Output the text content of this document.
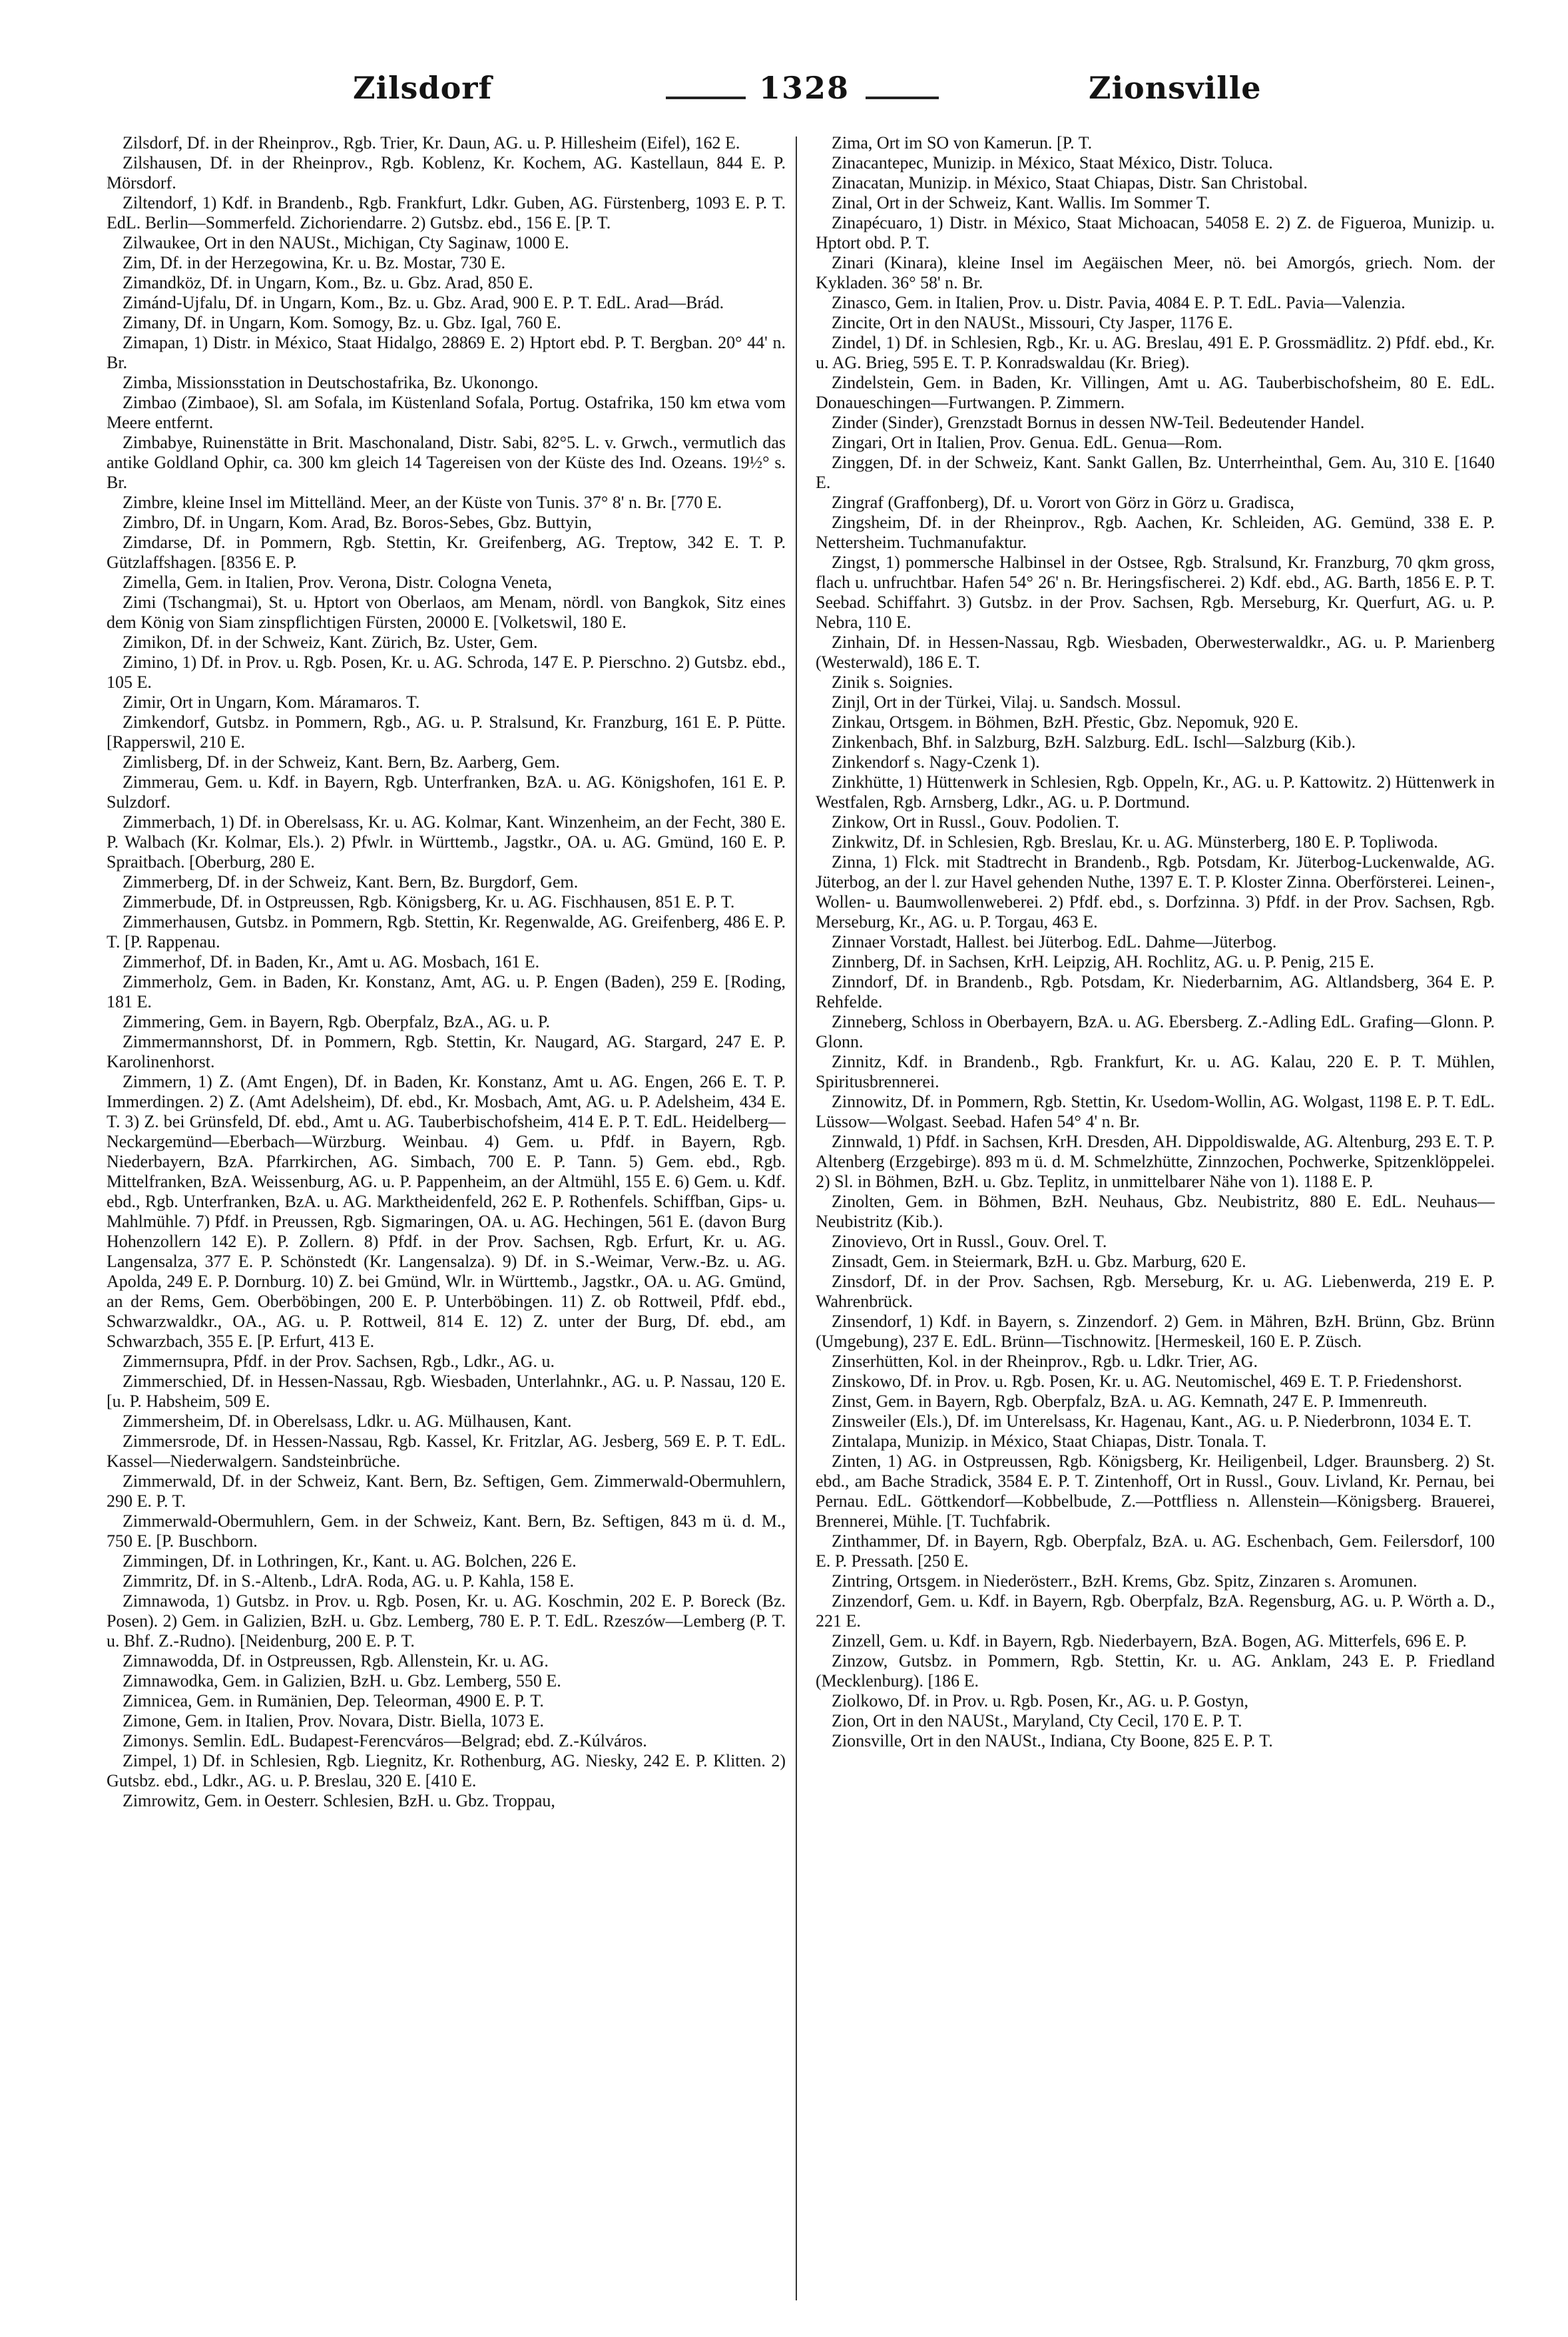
Zilsdorf	1328	Zionsville

Zilsdorf, Df. in der Rheinprov., Rgb. Trier, Kr. Daun, AG. u. P. Hillesheim (Eifel), 162 E.

Zilshausen, Df. in der Rheinprov., Rgb. Koblenz, Kr. Kochem, AG. Kastellaun, 844 E. P. Mörsdorf.

Ziltendorf, 1) Kdf. in Brandenb., Rgb. Frankfurt, Ldkr. Guben, AG. Fürstenberg, 1093 E. P. T. EdL. Berlin—Sommerfeld. Zichoriendarre. 2) Gutsbz. ebd., 156 E. [P. T.

Zilwaukee, Ort in den NAUSt., Michigan, Cty Saginaw, 1000 E.

Zim, Df. in der Herzegowina, Kr. u. Bz. Mostar, 730 E.

Zimandköz, Df. in Ungarn, Kom., Bz. u. Gbz. Arad, 850 E.

Zimánd-Ujfalu, Df. in Ungarn, Kom., Bz. u. Gbz. Arad, 900 E. P. T. EdL. Arad—Brád.

Zimany, Df. in Ungarn, Kom. Somogy, Bz. u. Gbz. Igal, 760 E.

Zimapan, 1) Distr. in México, Staat Hidalgo, 28869 E. 2) Hptort ebd. P. T. Bergban. 20° 44' n. Br.

Zimba, Missionsstation in Deutschostafrika, Bz. Ukonongo.

Zimbao (Zimbaoe), Sl. am Sofala, im Küstenland Sofala, Portug. Ostafrika, 150 km etwa vom Meere entfernt.

Zimbabye, Ruinenstätte in Brit. Maschonaland, Distr. Sabi, 82°5. L. v. Grwch., vermutlich das antike Goldland Ophir, ca. 300 km gleich 14 Tagereisen von der Küste des Ind. Ozeans. 19½° s. Br.

Zimbre, kleine Insel im Mittelländ. Meer, an der Küste von Tunis. 37° 8' n. Br. [770 E.

Zimbro, Df. in Ungarn, Kom. Arad, Bz. Boros-Sebes, Gbz. Buttyin,

Zimdarse, Df. in Pommern, Rgb. Stettin, Kr. Greifenberg, AG. Treptow, 342 E. T. P. Gützlaffshagen. [8356 E. P.

Zimella, Gem. in Italien, Prov. Verona, Distr. Cologna Veneta,

Zimi (Tschangmai), St. u. Hptort von Oberlaos, am Menam, nördl. von Bangkok, Sitz eines dem König von Siam zinspflichtigen Fürsten, 20000 E. [Volketswil, 180 E.

Zimikon, Df. in der Schweiz, Kant. Zürich, Bz. Uster, Gem.

Zimino, 1) Df. in Prov. u. Rgb. Posen, Kr. u. AG. Schroda, 147 E. P. Pierschno. 2) Gutsbz. ebd., 105 E.

Zimir, Ort in Ungarn, Kom. Máramaros. T.

Zimkendorf, Gutsbz. in Pommern, Rgb., AG. u. P. Stralsund, Kr. Franzburg, 161 E. P. Pütte. [Rapperswil, 210 E.

Zimlisberg, Df. in der Schweiz, Kant. Bern, Bz. Aarberg, Gem.

Zimmerau, Gem. u. Kdf. in Bayern, Rgb. Unterfranken, BzA. u. AG. Königshofen, 161 E. P. Sulzdorf.

Zimmerbach, 1) Df. in Oberelsass, Kr. u. AG. Kolmar, Kant. Winzenheim, an der Fecht, 380 E. P. Walbach (Kr. Kolmar, Els.). 2) Pfwlr. in Württemb., Jagstkr., OA. u. AG. Gmünd, 160 E. P. Spraitbach. [Oberburg, 280 E.

Zimmerberg, Df. in der Schweiz, Kant. Bern, Bz. Burgdorf, Gem.

Zimmerbude, Df. in Ostpreussen, Rgb. Königsberg, Kr. u. AG. Fischhausen, 851 E. P. T.

Zimmerhausen, Gutsbz. in Pommern, Rgb. Stettin, Kr. Regenwalde, AG. Greifenberg, 486 E. P. T. [P. Rappenau.

Zimmerhof, Df. in Baden, Kr., Amt u. AG. Mosbach, 161 E.

Zimmerholz, Gem. in Baden, Kr. Konstanz, Amt, AG. u. P. Engen (Baden), 259 E. [Roding, 181 E.

Zimmering, Gem. in Bayern, Rgb. Oberpfalz, BzA., AG. u. P.

Zimmermannshorst, Df. in Pommern, Rgb. Stettin, Kr. Naugard, AG. Stargard, 247 E. P. Karolinenhorst.

Zimmern, 1) Z. (Amt Engen), Df. in Baden, Kr. Konstanz, Amt u. AG. Engen, 266 E. T. P. Immerdingen. 2) Z. (Amt Adelsheim), Df. ebd., Kr. Mosbach, Amt, AG. u. P. Adelsheim, 434 E. T. 3) Z. bei Grünsfeld, Df. ebd., Amt u. AG. Tauberbischofsheim, 414 E. P. T. EdL. Heidelberg—Neckargemünd—Eberbach—Würzburg. Weinbau. 4) Gem. u. Pfdf. in Bayern, Rgb. Niederbayern, BzA. Pfarrkirchen, AG. Simbach, 700 E. P. Tann. 5) Gem. ebd., Rgb. Mittelfranken, BzA. Weissenburg, AG. u. P. Pappenheim, an der Altmühl, 155 E. 6) Gem. u. Kdf. ebd., Rgb. Unterfranken, BzA. u. AG. Marktheidenfeld, 262 E. P. Rothenfels. Schiffban, Gips- u. Mahlmühle. 7) Pfdf. in Preussen, Rgb. Sigmaringen, OA. u. AG. Hechingen, 561 E. (davon Burg Hohenzollern 142 E). P. Zollern. 8) Pfdf. in der Prov. Sachsen, Rgb. Erfurt, Kr. u. AG. Langensalza, 377 E. P. Schönstedt (Kr. Langensalza). 9) Df. in S.-Weimar, Verw.-Bz. u. AG. Apolda, 249 E. P. Dornburg. 10) Z. bei Gmünd, Wlr. in Württemb., Jagstkr., OA. u. AG. Gmünd, an der Rems, Gem. Oberböbingen, 200 E. P. Unterböbingen. 11) Z. ob Rottweil, Pfdf. ebd., Schwarzwaldkr., OA., AG. u. P. Rottweil, 814 E. 12) Z. unter der Burg, Df. ebd., am Schwarzbach, 355 E. [P. Erfurt, 413 E.

Zimmernsupra, Pfdf. in der Prov. Sachsen, Rgb., Ldkr., AG. u.

Zimmerschied, Df. in Hessen-Nassau, Rgb. Wiesbaden, Unterlahnkr., AG. u. P. Nassau, 120 E. [u. P. Habsheim, 509 E.

Zimmersheim, Df. in Oberelsass, Ldkr. u. AG. Mülhausen, Kant.

Zimmersrode, Df. in Hessen-Nassau, Rgb. Kassel, Kr. Fritzlar, AG. Jesberg, 569 E. P. T. EdL. Kassel—Niederwalgern. Sandsteinbrüche.

Zimmerwald, Df. in der Schweiz, Kant. Bern, Bz. Seftigen, Gem. Zimmerwald-Obermuhlern, 290 E. P. T.

Zimmerwald-Obermuhlern, Gem. in der Schweiz, Kant. Bern, Bz. Seftigen, 843 m ü. d. M., 750 E. [P. Buschborn.

Zimmingen, Df. in Lothringen, Kr., Kant. u. AG. Bolchen, 226 E.

Zimmritz, Df. in S.-Altenb., LdrA. Roda, AG. u. P. Kahla, 158 E.

Zimnawoda, 1) Gutsbz. in Prov. u. Rgb. Posen, Kr. u. AG. Koschmin, 202 E. P. Boreck (Bz. Posen). 2) Gem. in Galizien, BzH. u. Gbz. Lemberg, 780 E. P. T. EdL. Rzeszów—Lemberg (P. T. u. Bhf. Z.-Rudno). [Neidenburg, 200 E. P. T.

Zimnawodda, Df. in Ostpreussen, Rgb. Allenstein, Kr. u. AG.

Zimnawodka, Gem. in Galizien, BzH. u. Gbz. Lemberg, 550 E.

Zimnicea, Gem. in Rumänien, Dep. Teleorman, 4900 E. P. T.

Zimone, Gem. in Italien, Prov. Novara, Distr. Biella, 1073 E.

Zimonys. Semlin. EdL. Budapest-Ferencváros—Belgrad; ebd. Z.-Kúlváros.

Zimpel, 1) Df. in Schlesien, Rgb. Liegnitz, Kr. Rothenburg, AG. Niesky, 242 E. P. Klitten. 2) Gutsbz. ebd., Ldkr., AG. u. P. Breslau, 320 E. [410 E.

Zimrowitz, Gem. in Oesterr. Schlesien, BzH. u. Gbz. Troppau,

Zima, Ort im SO von Kamerun. [P. T.

Zinacantepec, Munizip. in México, Staat México, Distr. Toluca.

Zinacatan, Munizip. in México, Staat Chiapas, Distr. San Christobal.

Zinal, Ort in der Schweiz, Kant. Wallis. Im Sommer T.

Zinapécuaro, 1) Distr. in México, Staat Michoacan, 54058 E. 2) Z. de Figueroa, Munizip. u. Hptort obd. P. T.

Zinari (Kinara), kleine Insel im Aegäischen Meer, nö. bei Amorgós, griech. Nom. der Kykladen. 36° 58' n. Br.

Zinasco, Gem. in Italien, Prov. u. Distr. Pavia, 4084 E. P. T. EdL. Pavia—Valenzia.

Zincite, Ort in den NAUSt., Missouri, Cty Jasper, 1176 E.

Zindel, 1) Df. in Schlesien, Rgb., Kr. u. AG. Breslau, 491 E. P. Grossmädlitz. 2) Pfdf. ebd., Kr. u. AG. Brieg, 595 E. T. P. Konradswaldau (Kr. Brieg).

Zindelstein, Gem. in Baden, Kr. Villingen, Amt u. AG. Tauberbischofsheim, 80 E. EdL. Donaueschingen—Furtwangen. P. Zimmern.

Zinder (Sinder), Grenzstadt Bornus in dessen NW-Teil. Bedeutender Handel.

Zingari, Ort in Italien, Prov. Genua. EdL. Genua—Rom.

Zinggen, Df. in der Schweiz, Kant. Sankt Gallen, Bz. Unterrheinthal, Gem. Au, 310 E. [1640 E.

Zingraf (Graffonberg), Df. u. Vorort von Görz in Görz u. Gradisca,

Zingsheim, Df. in der Rheinprov., Rgb. Aachen, Kr. Schleiden, AG. Gemünd, 338 E. P. Nettersheim. Tuchmanufaktur.

Zingst, 1) pommersche Halbinsel in der Ostsee, Rgb. Stralsund, Kr. Franzburg, 70 qkm gross, flach u. unfruchtbar. Hafen 54° 26' n. Br. Heringsfischerei. 2) Kdf. ebd., AG. Barth, 1856 E. P. T. Seebad. Schiffahrt. 3) Gutsbz. in der Prov. Sachsen, Rgb. Merseburg, Kr. Querfurt, AG. u. P. Nebra, 110 E.

Zinhain, Df. in Hessen-Nassau, Rgb. Wiesbaden, Oberwesterwaldkr., AG. u. P. Marienberg (Westerwald), 186 E. T.

Zinik s. Soignies.

Zinjl, Ort in der Türkei, Vilaj. u. Sandsch. Mossul.

Zinkau, Ortsgem. in Böhmen, BzH. Přestic, Gbz. Nepomuk, 920 E.

Zinkenbach, Bhf. in Salzburg, BzH. Salzburg. EdL. Ischl—Salzburg (Kib.).

Zinkendorf s. Nagy-Czenk 1).

Zinkhütte, 1) Hüttenwerk in Schlesien, Rgb. Oppeln, Kr., AG. u. P. Kattowitz. 2) Hüttenwerk in Westfalen, Rgb. Arnsberg, Ldkr., AG. u. P. Dortmund.

Zinkow, Ort in Russl., Gouv. Podolien. T.

Zinkwitz, Df. in Schlesien, Rgb. Breslau, Kr. u. AG. Münsterberg, 180 E. P. Topliwoda.

Zinna, 1) Flck. mit Stadtrecht in Brandenb., Rgb. Potsdam, Kr. Jüterbog-Luckenwalde, AG. Jüterbog, an der l. zur Havel gehenden Nuthe, 1397 E. T. P. Kloster Zinna. Oberförsterei. Leinen-, Wollen- u. Baumwollenweberei. 2) Pfdf. ebd., s. Dorfzinna. 3) Pfdf. in der Prov. Sachsen, Rgb. Merseburg, Kr., AG. u. P. Torgau, 463 E.

Zinnaer Vorstadt, Hallest. bei Jüterbog. EdL. Dahme—Jüterbog.

Zinnberg, Df. in Sachsen, KrH. Leipzig, AH. Rochlitz, AG. u. P. Penig, 215 E.

Zinndorf, Df. in Brandenb., Rgb. Potsdam, Kr. Niederbarnim, AG. Altlandsberg, 364 E. P. Rehfelde.

Zinneberg, Schloss in Oberbayern, BzA. u. AG. Ebersberg. Z.-Adling EdL. Grafing—Glonn. P. Glonn.

Zinnitz, Kdf. in Brandenb., Rgb. Frankfurt, Kr. u. AG. Kalau, 220 E. P. T. Mühlen, Spiritusbrennerei.

Zinnowitz, Df. in Pommern, Rgb. Stettin, Kr. Usedom-Wollin, AG. Wolgast, 1198 E. P. T. EdL. Lüssow—Wolgast. Seebad. Hafen 54° 4' n. Br.

Zinnwald, 1) Pfdf. in Sachsen, KrH. Dresden, AH. Dippoldiswalde, AG. Altenburg, 293 E. T. P. Altenberg (Erzgebirge). 893 m ü. d. M. Schmelzhütte, Zinnzochen, Pochwerke, Spitzenklöppelei. 2) Sl. in Böhmen, BzH. u. Gbz. Teplitz, in unmittelbarer Nähe von 1). 1188 E. P.

Zinolten, Gem. in Böhmen, BzH. Neuhaus, Gbz. Neubistritz, 880 E. EdL. Neuhaus—Neubistritz (Kib.).

Zinovievo, Ort in Russl., Gouv. Orel. T.

Zinsadt, Gem. in Steiermark, BzH. u. Gbz. Marburg, 620 E.

Zinsdorf, Df. in der Prov. Sachsen, Rgb. Merseburg, Kr. u. AG. Liebenwerda, 219 E. P. Wahrenbrück.

Zinsendorf, 1) Kdf. in Bayern, s. Zinzendorf. 2) Gem. in Mähren, BzH. Brünn, Gbz. Brünn (Umgebung), 237 E. EdL. Brünn—Tischnowitz. [Hermeskeil, 160 E. P. Züsch.

Zinserhütten, Kol. in der Rheinprov., Rgb. u. Ldkr. Trier, AG.

Zinskowo, Df. in Prov. u. Rgb. Posen, Kr. u. AG. Neutomischel, 469 E. T. P. Friedenshorst.

Zinst, Gem. in Bayern, Rgb. Oberpfalz, BzA. u. AG. Kemnath, 247 E. P. Immenreuth.

Zinsweiler (Els.), Df. im Unterelsass, Kr. Hagenau, Kant., AG. u. P. Niederbronn, 1034 E. T.

Zintalapa, Munizip. in México, Staat Chiapas, Distr. Tonala. T.

Zinten, 1) AG. in Ostpreussen, Rgb. Königsberg, Kr. Heiligenbeil, Ldger. Braunsberg. 2) St. ebd., am Bache Stradick, 3584 E. P. T. Zintenhoff, Ort in Russl., Gouv. Livland, Kr. Pernau, bei Pernau. EdL. Göttkendorf—Kobbelbude, Z.—Pottfliess n. Allenstein—Königsberg. Brauerei, Brennerei, Mühle. [T. Tuchfabrik.

Zinthammer, Df. in Bayern, Rgb. Oberpfalz, BzA. u. AG. Eschenbach, Gem. Feilersdorf, 100 E. P. Pressath. [250 E.

Zintring, Ortsgem. in Niederösterr., BzH. Krems, Gbz. Spitz, Zinzaren s. Aromunen.

Zinzendorf, Gem. u. Kdf. in Bayern, Rgb. Oberpfalz, BzA. Regensburg, AG. u. P. Wörth a. D., 221 E.

Zinzell, Gem. u. Kdf. in Bayern, Rgb. Niederbayern, BzA. Bogen, AG. Mitterfels, 696 E. P.

Zinzow, Gutsbz. in Pommern, Rgb. Stettin, Kr. u. AG. Anklam, 243 E. P. Friedland (Mecklenburg). [186 E.

Ziolkowo, Df. in Prov. u. Rgb. Posen, Kr., AG. u. P. Gostyn,

Zion, Ort in den NAUSt., Maryland, Cty Cecil, 170 E. P. T.

Zionsville, Ort in den NAUSt., Indiana, Cty Boone, 825 E. P. T.
